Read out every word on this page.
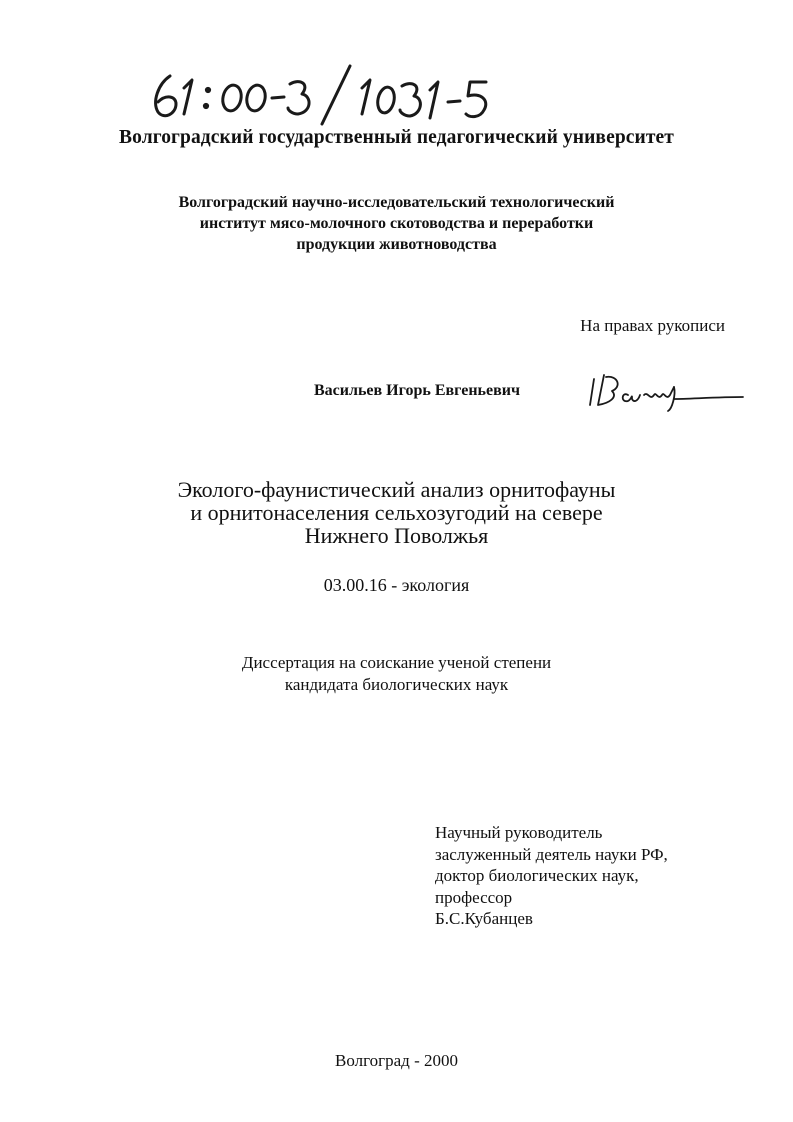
Волгоградский государственный педагогический университет
Волгоградский научно-исследовательский технологический
институт мясо-молочного скотоводства и переработки
продукции животноводства
На правах рукописи
Васильев Игорь Евгеньевич
Эколого-фаунистический анализ орнитофауны
и орнитонаселения сельхозугодий на севере
Нижнего Поволжья
03.00.16 - экология
Диссертация на соискание ученой степени
кандидата биологических наук
Научный руководитель
заслуженный деятель науки РФ,
доктор биологических наук,
профессор
Б.С.Кубанцев
Волгоград - 2000
